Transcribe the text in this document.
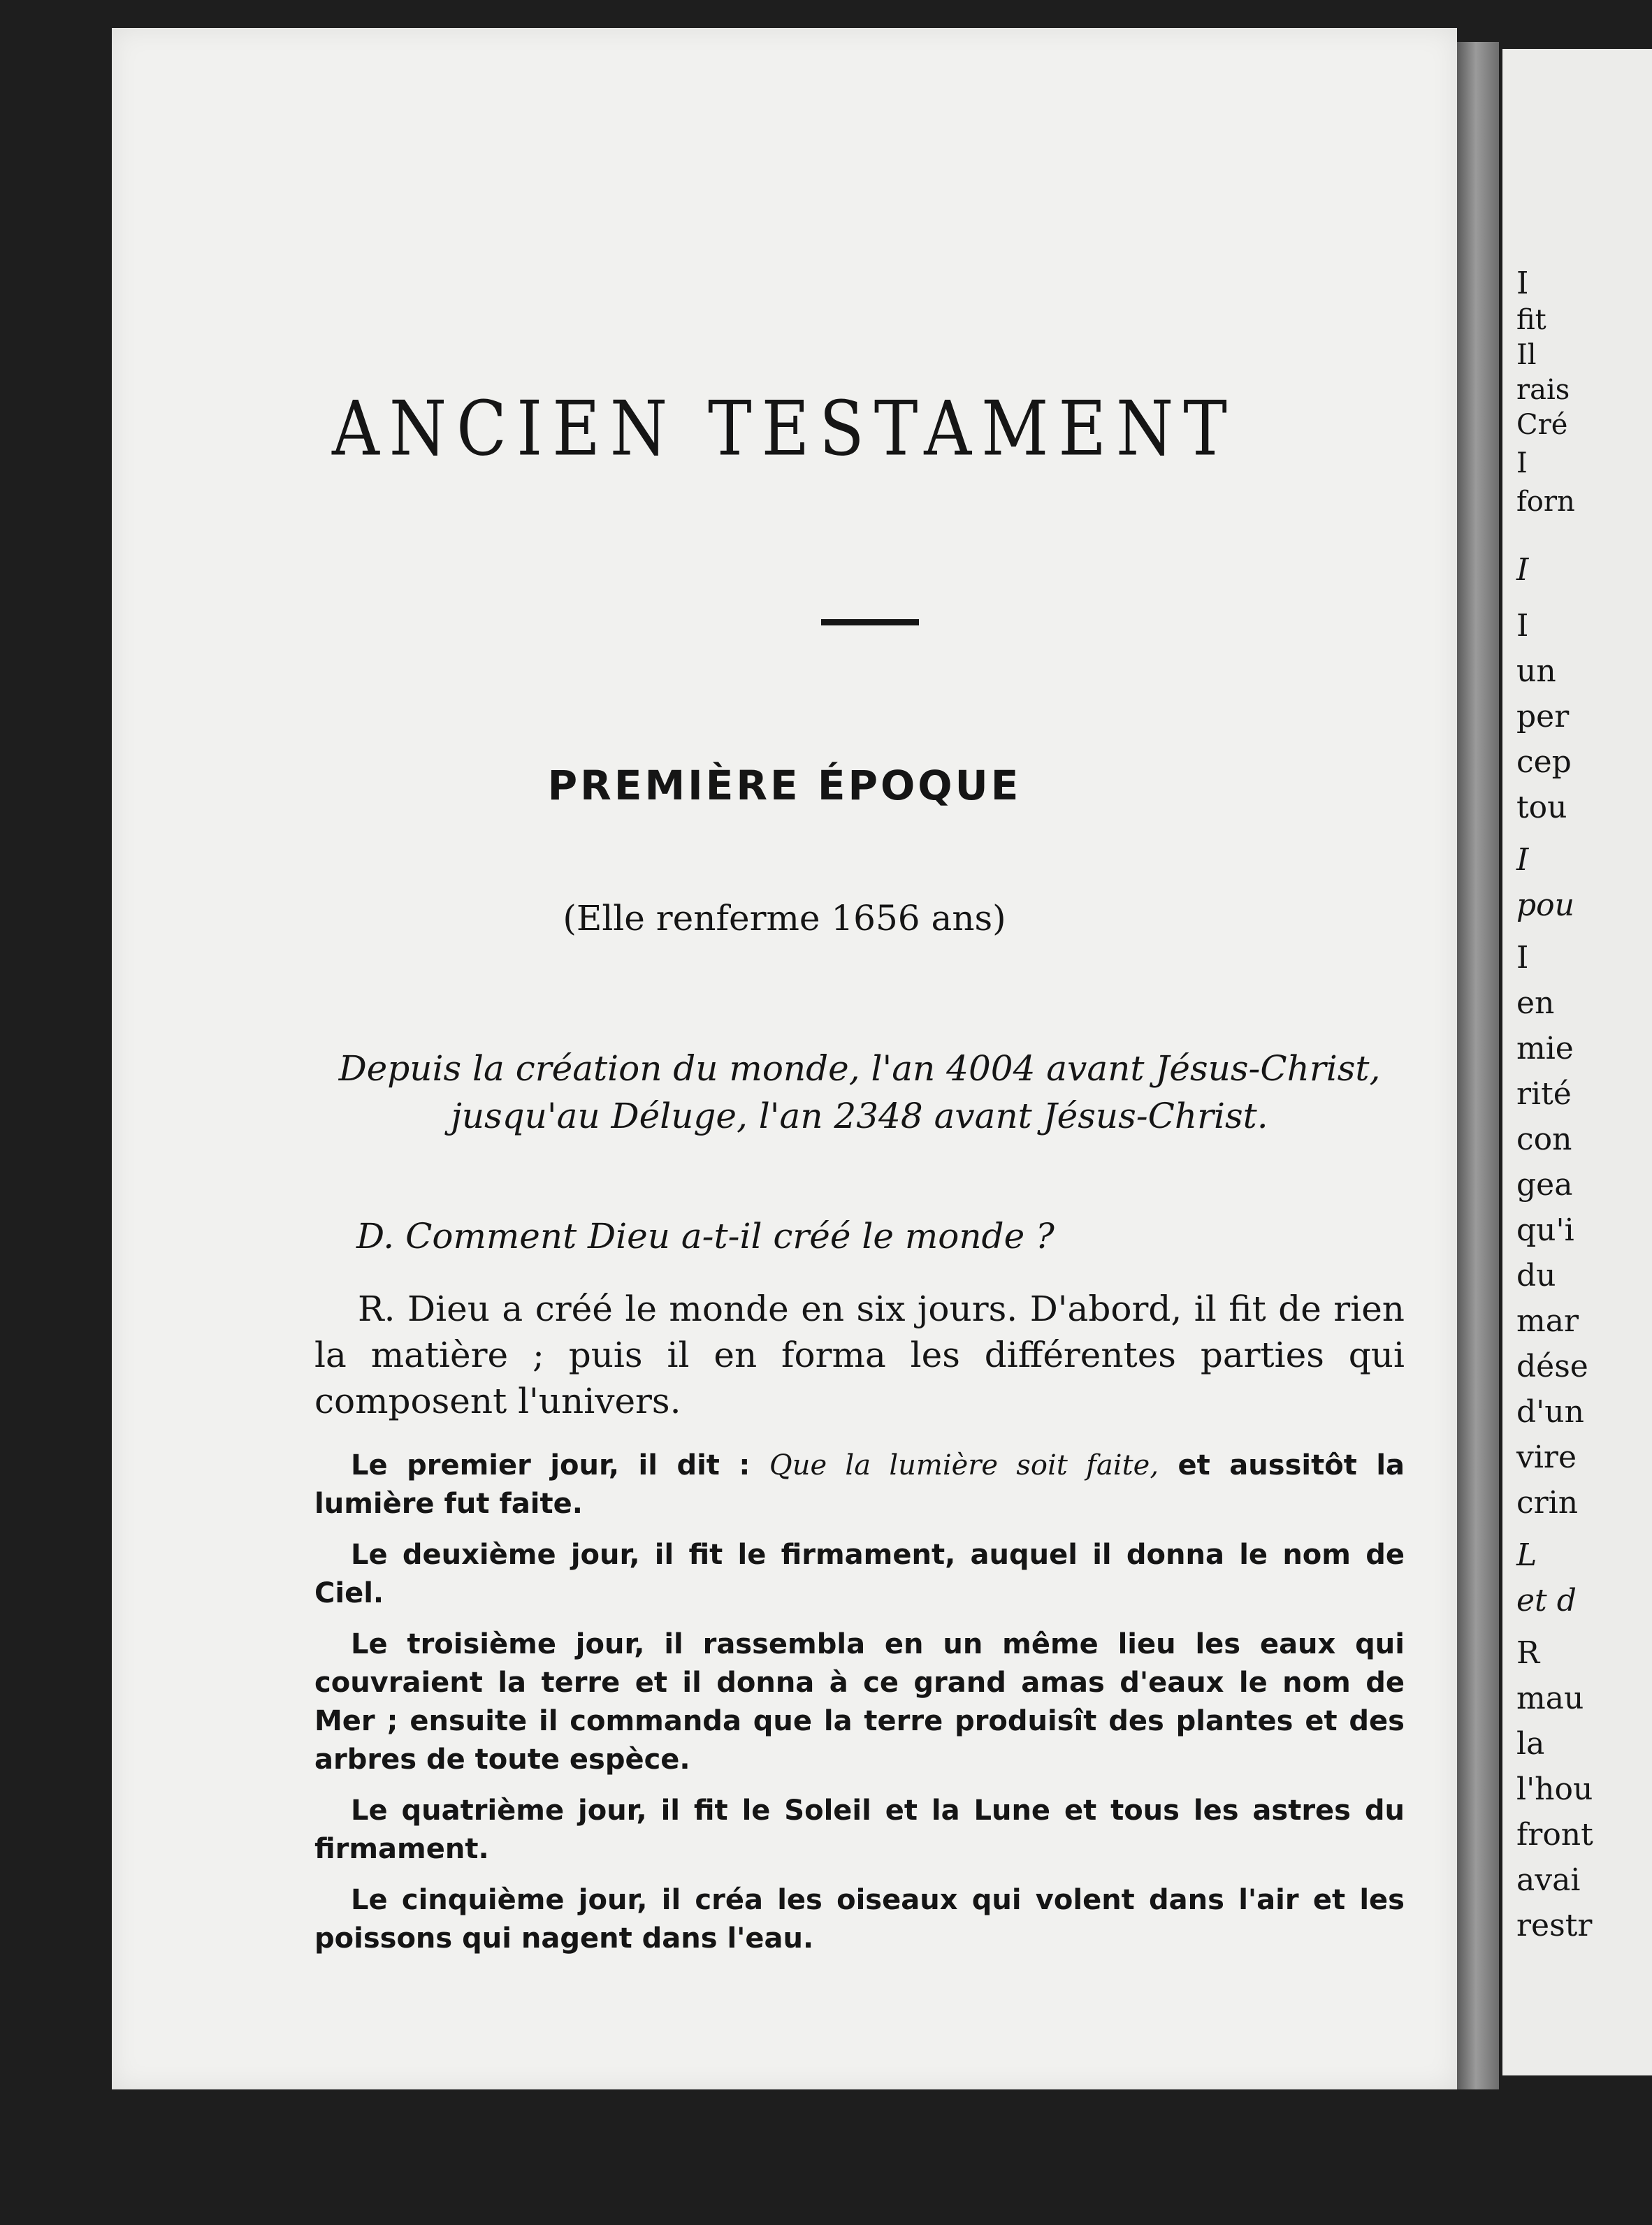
ANCIEN TESTAMENT
PREMIÈRE ÉPOQUE
(Elle renferme 1656 ans)
Depuis la création du monde, l'an 4004 avant Jésus-Christ,
jusqu'au Déluge, l'an 2348 avant Jésus-Christ.
D. Comment Dieu a-t-il créé le monde ?
R. Dieu a créé le monde en six jours. D'abord, il fit de rien la matière ; puis il en forma les différentes parties qui composent l'univers.

Le premier jour, il dit : Que la lumière soit faite, et aussitôt la lumière fut faite.

Le deuxième jour, il fit le firmament, auquel il donna le nom de Ciel.

Le troisième jour, il rassembla en un même lieu les eaux qui couvraient la terre et il donna à ce grand amas d'eaux le nom de Mer ; ensuite il commanda que la terre produisît des plantes et des arbres de toute espèce.

Le quatrième jour, il fit le Soleil et la Lune et tous les astres du firmament.

Le cinquième jour, il créa les oiseaux qui volent dans l'air et les poissons qui nagent dans l'eau.

I
fit
Il
rais
Cré
I
forn
I
I
un
per
cep
tou
I
pou
I
en
mie
rité
con
gea
qu'i
du
mar
dése
d'un
vire
crin
L
et d
R
mau
la
l'hou
front
avai
restr
